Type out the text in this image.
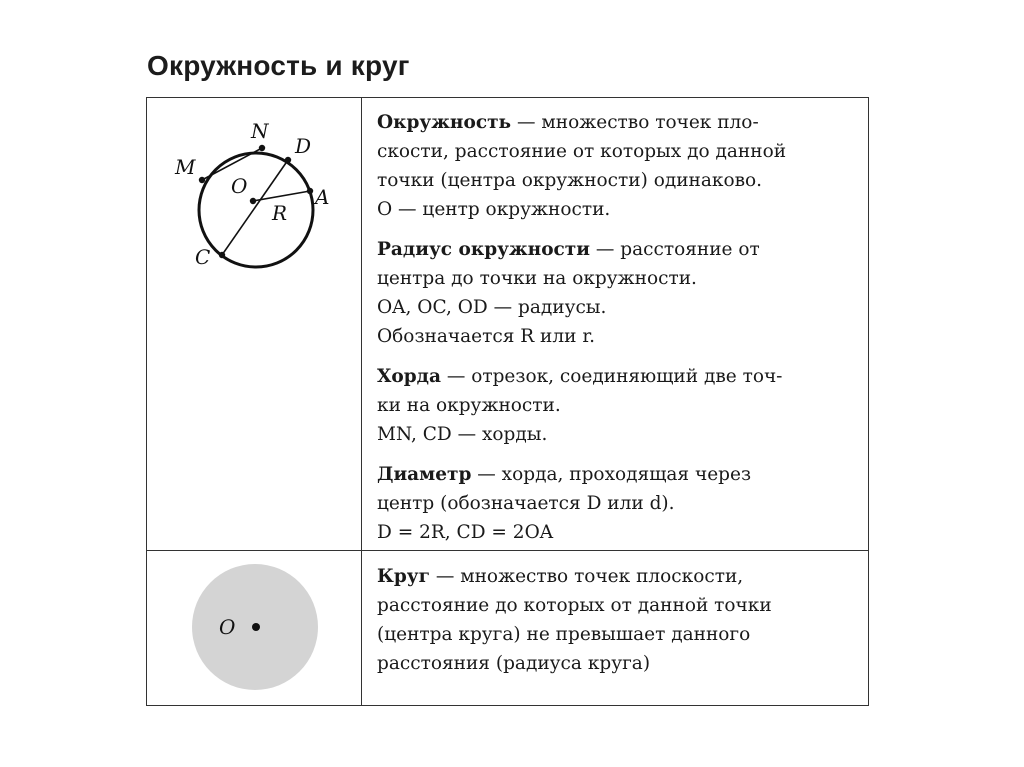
Окружность и круг
N
D
M
O	A
R
C
O
Окружность — множество точек пло-
скости, расстояние от которых до данной
точки (центра окружности) одинаково.
O — центр окружности.
Радиус окружности — расстояние от
центра до точки на окружности.
OA, OC, OD — радиусы.
Обозначается R или r.
Хорда — отрезок, соединяющий две точ-
ки на окружности.
MN, CD — хорды.
Диаметр — хорда, проходящая через
центр (обозначается D или d).
D = 2R, CD = 2OA
Круг — множество точек плоскости,
расстояние до которых от данной точки
(центра круга) не превышает данного
расстояния (радиуса круга)
